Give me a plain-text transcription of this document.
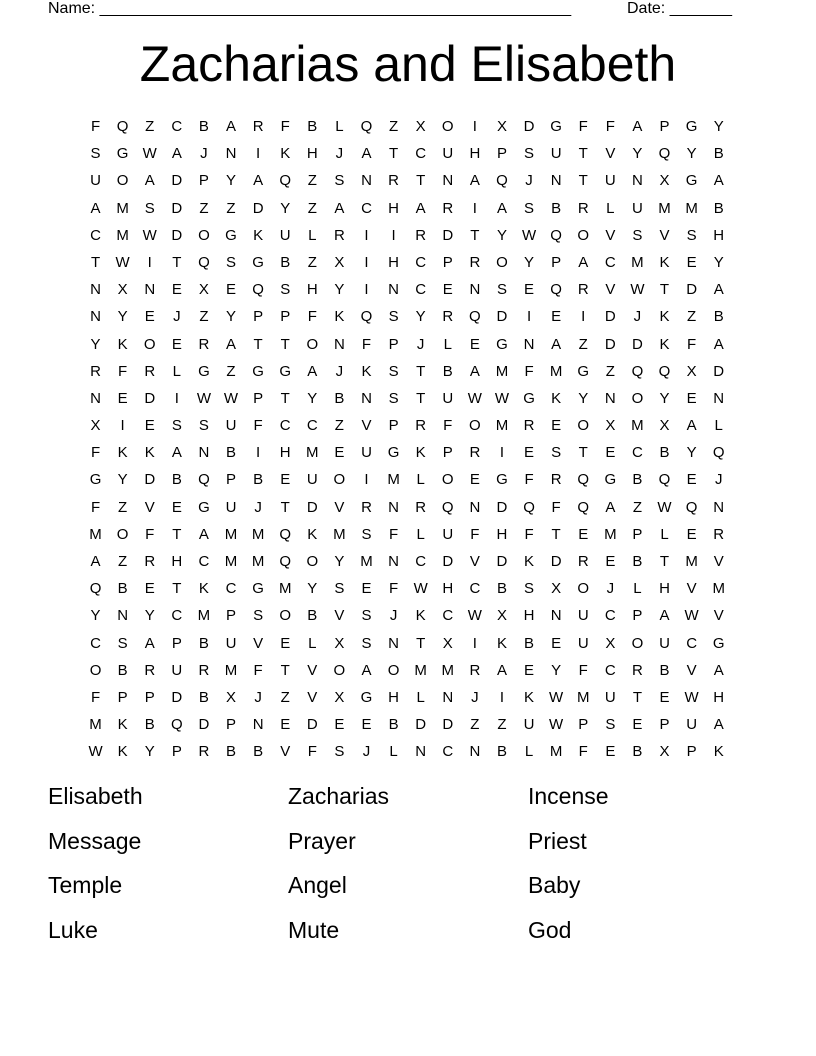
Name: _____________________________________________________	Date: _______
Zacharias and Elisabeth
F	Q	Z	C	B	A	R	F	B	L	Q	Z	X	O	I	X	D	G	F	F	A	P	G	Y
S	G W	A	J	N	I	K	H	J	A	T	C	U	H	P	S	U	T	V	Y	Q	Y	B
U	O	A	D	P	Y	A	Q	Z	S	N	R	T	N	A	Q	J	N	T	U	N	X	G	A
A	M	S	D	Z	Z	D	Y	Z	A	C	H	A	R	I	A	S	B	R	L	U	M M	B
C	M W D	O	G	K	U	L	R	I	I	R	D	T	Y	W Q	O	V	S	V	S	H
T	W	I	T	Q	S	G	B	Z	X	I	H	C	P	R	O	Y	P	A	C	M	K	E	Y
N	X	N	E	X	E	Q	S	H	Y	I	N	C	E	N	S	E	Q	R	V	W	T	D	A
N	Y	E	J	Z	Y	P	P	F	K	Q	S	Y	R	Q	D	I	E	I	D	J	K	Z	B
Y	K	O	E	R	A	T	T	O	N	F	P	J	L	E	G	N	A	Z	D	D	K	F	A
R	F	R	L	G	Z	G	G	A	J	K	S	T	B	A	M	F	M	G	Z	Q	Q	X	D
N	E	D	I	W W	P	T	Y	B	N	S	T	U W W G	K	Y	N	O	Y	E	N
X	I	E	S	S	U	F	C	C	Z	V	P	R	F	O	M	R	E	O	X	M	X	A	L
F	K	K	A	N	B	I	H	M	E	U	G	K	P	R	I	E	S	T	E	C	B	Y	Q
G	Y	D	B	Q	P	B	E	U	O	I	M	L	O	E	G	F	R	Q	G	B	Q	E	J
F	Z	V	E	G	U	J	T	D	V	R	N	R	Q	N	D	Q	F	Q	A	Z	W Q	N
M	O	F	T	A	M M	Q	K	M	S	F	L	U	F	H	F	T	E	M	P	L	E	R
A	Z	R	H	C	M M	Q	O	Y	M	N	C	D	V	D	K	D	R	E	B	T	M	V
Q	B	E	T	K	C	G	M	Y	S	E	F	W H	C	B	S	X	O	J	L	H	V	M
Y	N	Y	C	M	P	S	O	B	V	S	J	K	C W	X	H	N	U	C	P	A	W	V
C	S	A	P	B	U	V	E	L	X	S	N	T	X	I	K	B	E	U	X	O	U	C	G
O	B	R	U	R	M	F	T	V	O	A	O	M M	R	A	E	Y	F	C	R	B	V	A
F	P	P	D	B	X	J	Z	V	X	G	H	L	N	J	I	K	W M	U	T	E	W H
M	K	B	Q	D	P	N	E	D	E	E	B	D	D	Z	Z	U W	P	S	E	P	U	A
W	K	Y	P	R	B	B	V	F	S	J	L	N	C	N	B	L	M	F	E	B	X	P	K
Elisabeth	Zacharias	Incense
Message	Prayer	Priest
Temple	Angel	Baby
Luke	Mute	God
